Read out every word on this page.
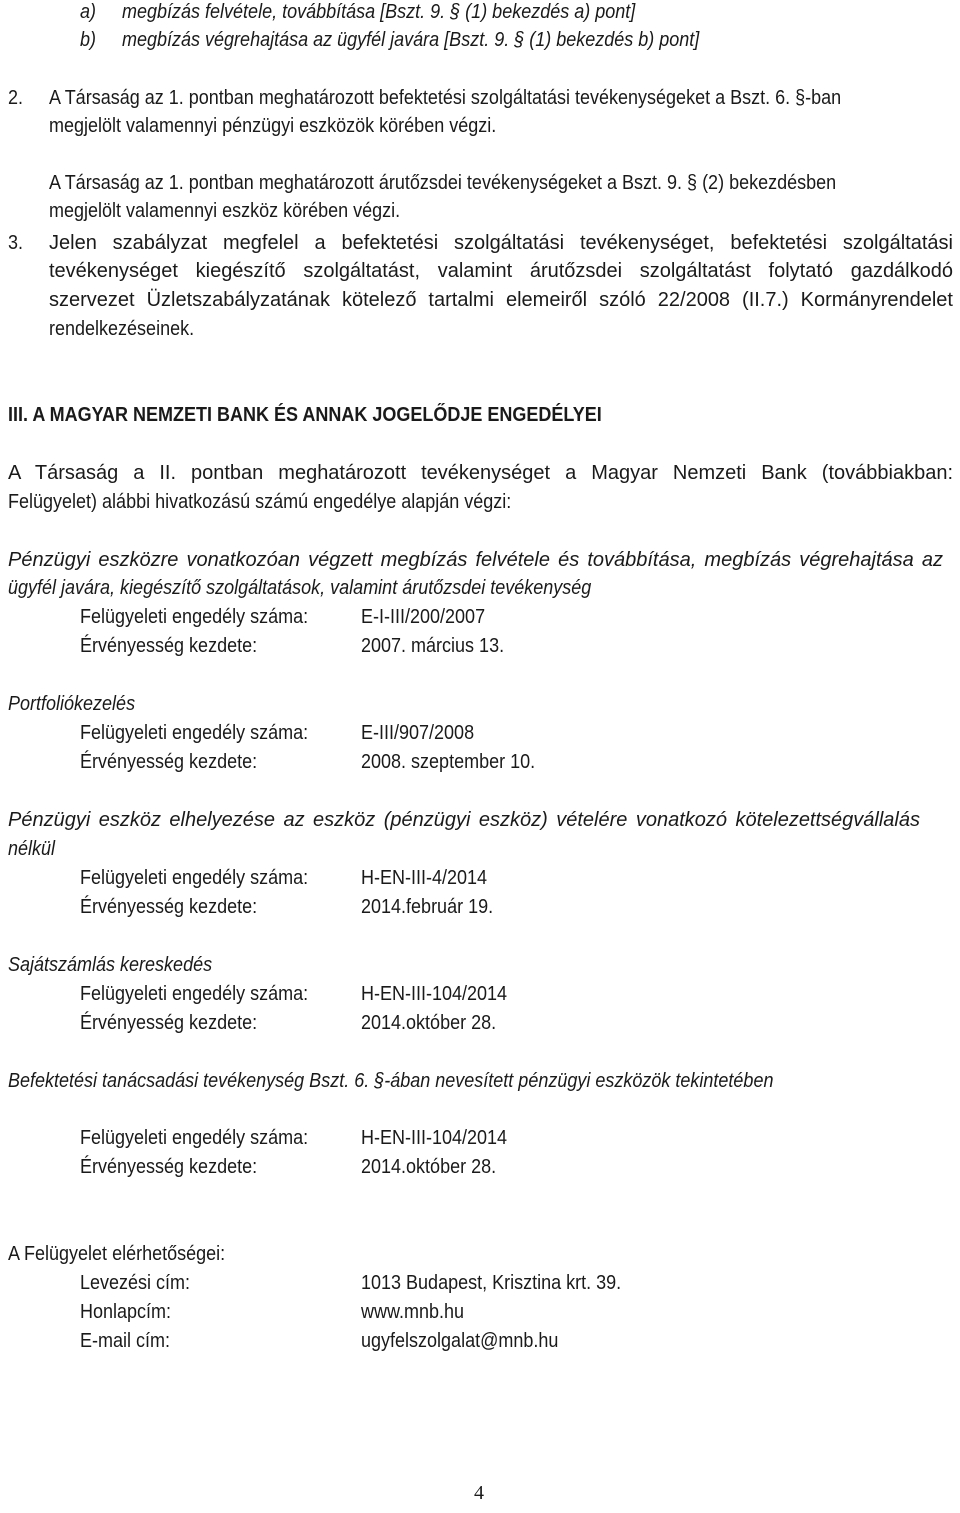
a) megbízás felvétele, továbbítása [Bszt. 9. § (1) bekezdés a) pont]
b) megbízás végrehajtása az ügyfél javára [Bszt. 9. § (1) bekezdés b) pont]
2. A Társaság az 1. pontban meghatározott befektetési szolgáltatási tevékenységeket a Bszt. 6. §-ban
megjelölt valamennyi pénzügyi eszközök körében végzi.
A Társaság az 1. pontban meghatározott árutőzsdei tevékenységeket a Bszt. 9. § (2) bekezdésben
megjelölt valamennyi eszköz körében végzi.
3. Jelen szabályzat megfelel a befektetési szolgáltatási tevékenységet, befektetési szolgáltatási
tevékenységet kiegészítő szolgáltatást, valamint árutőzsdei szolgáltatást folytató gazdálkodó
szervezet Üzletszabályzatának kötelező tartalmi elemeiről szóló 22/2008 (II.7.) Kormányrendelet
rendelkezéseinek.
III. A MAGYAR NEMZETI BANK ÉS ANNAK JOGELŐDJE ENGEDÉLYEI
A Társaság a II. pontban meghatározott tevékenységet a Magyar Nemzeti Bank (továbbiakban:
Felügyelet) alábbi hivatkozású számú engedélye alapján végzi:
Pénzügyi eszközre vonatkozóan végzett megbízás felvétele és továbbítása, megbízás végrehajtása az
ügyfél javára, kiegészítő szolgáltatások, valamint árutőzsdei tevékenység
Felügyeleti engedély száma:	E-I-III/200/2007
Érvényesség kezdete:	2007. március 13.
Portfoliókezelés
Felügyeleti engedély száma:	E-III/907/2008
Érvényesség kezdete:	2008. szeptember 10.
Pénzügyi eszköz elhelyezése az eszköz (pénzügyi eszköz) vételére vonatkozó kötelezettségvállalás
nélkül
Felügyeleti engedély száma:	H-EN-III-4/2014
Érvényesség kezdete:	2014.február 19.
Sajátszámlás kereskedés
Felügyeleti engedély száma:	H-EN-III-104/2014
Érvényesség kezdete:	2014.október 28.
Befektetési tanácsadási tevékenység Bszt. 6. §-ában nevesített pénzügyi eszközök tekintetében
Felügyeleti engedély száma:	H-EN-III-104/2014
Érvényesség kezdete:	2014.október 28.
A Felügyelet elérhetőségei:
Levezési cím:	1013 Budapest, Krisztina krt. 39.
Honlapcím:	www.mnb.hu
E-mail cím:	ugyfelszolgalat@mnb.hu
4
